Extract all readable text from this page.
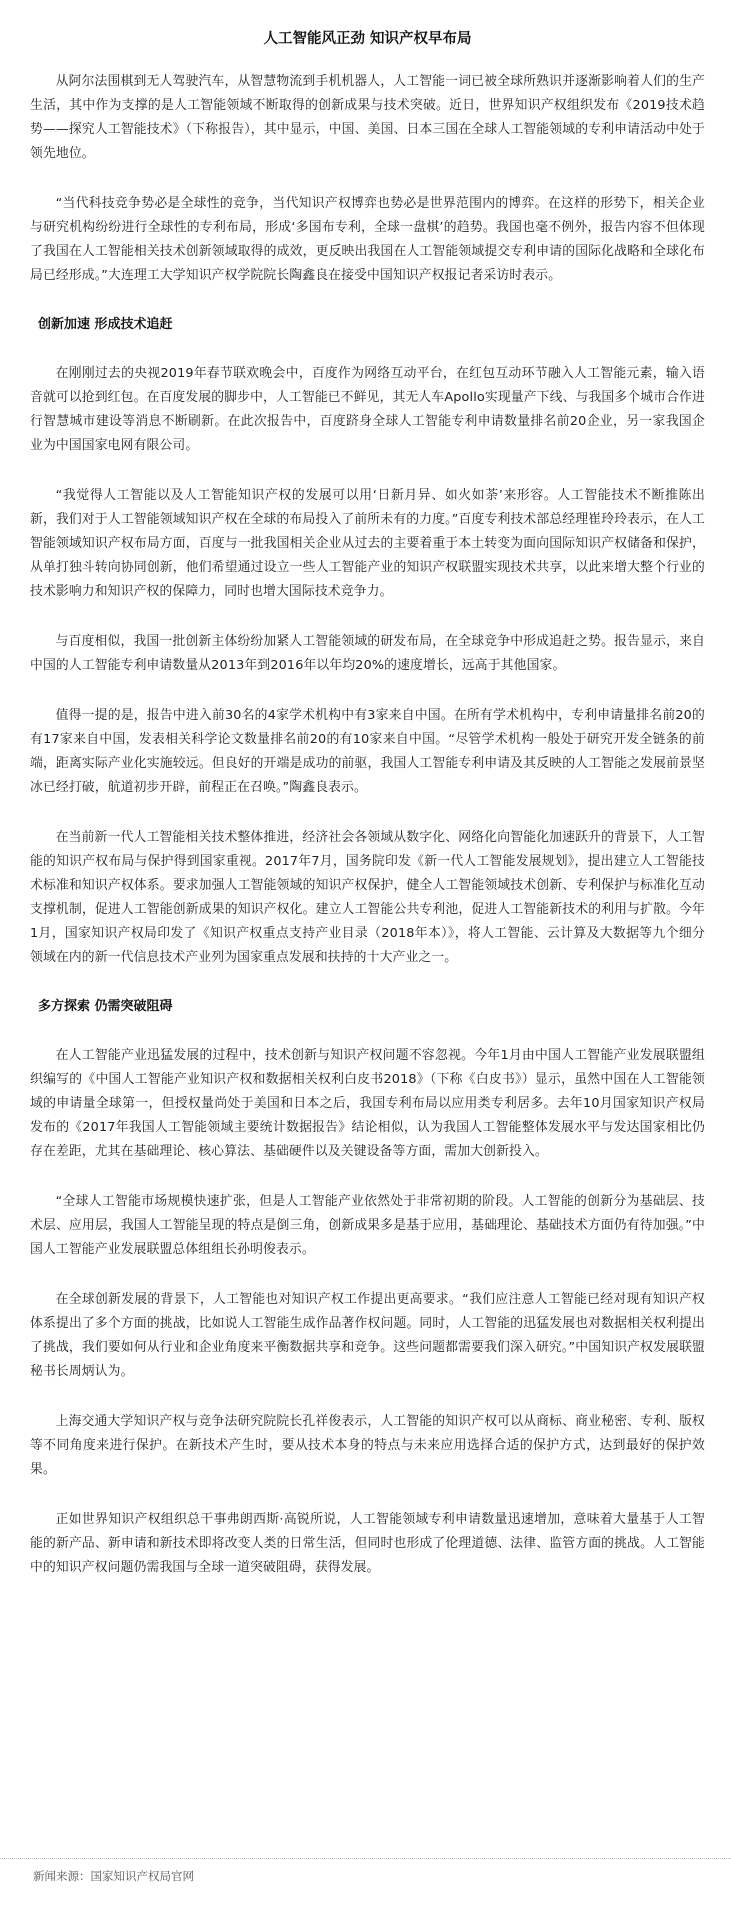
人工智能风正劲 知识产权早布局

从阿尔法围棋到无人驾驶汽车，从智慧物流到手机机器人，人工智能一词已被全球所熟识并逐渐影响着人们的生产生活，其中作为支撑的是人工智能领域不断取得的创新成果与技术突破。近日，世界知识产权组织发布《2019技术趋势——探究人工智能技术》（下称报告），其中显示，中国、美国、日本三国在全球人工智能领域的专利申请活动中处于领先地位。

“当代科技竞争势必是全球性的竞争，当代知识产权博弈也势必是世界范围内的博弈。在这样的形势下，相关企业与研究机构纷纷进行全球性的专利布局，形成‘多国布专利，全球一盘棋’的趋势。我国也毫不例外，报告内容不但体现了我国在人工智能相关技术创新领域取得的成效，更反映出我国在人工智能领域提交专利申请的国际化战略和全球化布局已经形成。”大连理工大学知识产权学院院长陶鑫良在接受中国知识产权报记者采访时表示。

创新加速 形成技术追赶

在刚刚过去的央视2019年春节联欢晚会中，百度作为网络互动平台，在红包互动环节融入人工智能元素，输入语音就可以抢到红包。在百度发展的脚步中，人工智能已不鲜见，其无人车Apollo实现量产下线、与我国多个城市合作进行智慧城市建设等消息不断刷新。在此次报告中，百度跻身全球人工智能专利申请数量排名前20企业，另一家我国企业为中国国家电网有限公司。

“我觉得人工智能以及人工智能知识产权的发展可以用‘日新月异、如火如荼’来形容。人工智能技术不断推陈出新，我们对于人工智能领域知识产权在全球的布局投入了前所未有的力度。”百度专利技术部总经理崔玲玲表示，在人工智能领域知识产权布局方面，百度与一批我国相关企业从过去的主要着重于本土转变为面向国际知识产权储备和保护，从单打独斗转向协同创新，他们希望通过设立一些人工智能产业的知识产权联盟实现技术共享，以此来增大整个行业的技术影响力和知识产权的保障力，同时也增大国际技术竞争力。

与百度相似，我国一批创新主体纷纷加紧人工智能领域的研发布局，在全球竞争中形成追赶之势。报告显示，来自中国的人工智能专利申请数量从2013年到2016年以年均20%的速度增长，远高于其他国家。

值得一提的是，报告中进入前30名的4家学术机构中有3家来自中国。在所有学术机构中，专利申请量排名前20的有17家来自中国，发表相关科学论文数量排名前20的有10家来自中国。“尽管学术机构一般处于研究开发全链条的前端，距离实际产业化实施较远。但良好的开端是成功的前驱，我国人工智能专利申请及其反映的人工智能之发展前景坚冰已经打破，航道初步开辟，前程正在召唤。”陶鑫良表示。

在当前新一代人工智能相关技术整体推进，经济社会各领域从数字化、网络化向智能化加速跃升的背景下，人工智能的知识产权布局与保护得到国家重视。2017年7月，国务院印发《新一代人工智能发展规划》，提出建立人工智能技术标准和知识产权体系。要求加强人工智能领域的知识产权保护，健全人工智能领域技术创新、专利保护与标准化互动支撑机制，促进人工智能创新成果的知识产权化。建立人工智能公共专利池，促进人工智能新技术的利用与扩散。今年1月，国家知识产权局印发了《知识产权重点支持产业目录（2018年本）》，将人工智能、云计算及大数据等九个细分领域在内的新一代信息技术产业列为国家重点发展和扶持的十大产业之一。

多方探索 仍需突破阻碍

在人工智能产业迅猛发展的过程中，技术创新与知识产权问题不容忽视。今年1月由中国人工智能产业发展联盟组织编写的《中国人工智能产业知识产权和数据相关权利白皮书2018》（下称《白皮书》）显示，虽然中国在人工智能领域的申请量全球第一，但授权量尚处于美国和日本之后，我国专利布局以应用类专利居多。去年10月国家知识产权局发布的《2017年我国人工智能领域主要统计数据报告》结论相似，认为我国人工智能整体发展水平与发达国家相比仍存在差距，尤其在基础理论、核心算法、基础硬件以及关键设备等方面，需加大创新投入。

“全球人工智能市场规模快速扩张，但是人工智能产业依然处于非常初期的阶段。人工智能的创新分为基础层、技术层、应用层，我国人工智能呈现的特点是倒三角，创新成果多是基于应用，基础理论、基础技术方面仍有待加强。”中国人工智能产业发展联盟总体组组长孙明俊表示。

在全球创新发展的背景下，人工智能也对知识产权工作提出更高要求。“我们应注意人工智能已经对现有知识产权体系提出了多个方面的挑战，比如说人工智能生成作品著作权问题。同时，人工智能的迅猛发展也对数据相关权利提出了挑战，我们要如何从行业和企业角度来平衡数据共享和竞争。这些问题都需要我们深入研究。”中国知识产权发展联盟秘书长周炳认为。

上海交通大学知识产权与竞争法研究院院长孔祥俊表示，人工智能的知识产权可以从商标、商业秘密、专利、版权等不同角度来进行保护。在新技术产生时，要从技术本身的特点与未来应用选择合适的保护方式，达到最好的保护效果。

正如世界知识产权组织总干事弗朗西斯·高锐所说，人工智能领域专利申请数量迅速增加，意味着大量基于人工智能的新产品、新申请和新技术即将改变人类的日常生活，但同时也形成了伦理道德、法律、监管方面的挑战。人工智能中的知识产权问题仍需我国与全球一道突破阻碍，获得发展。

新闻来源：国家知识产权局官网
